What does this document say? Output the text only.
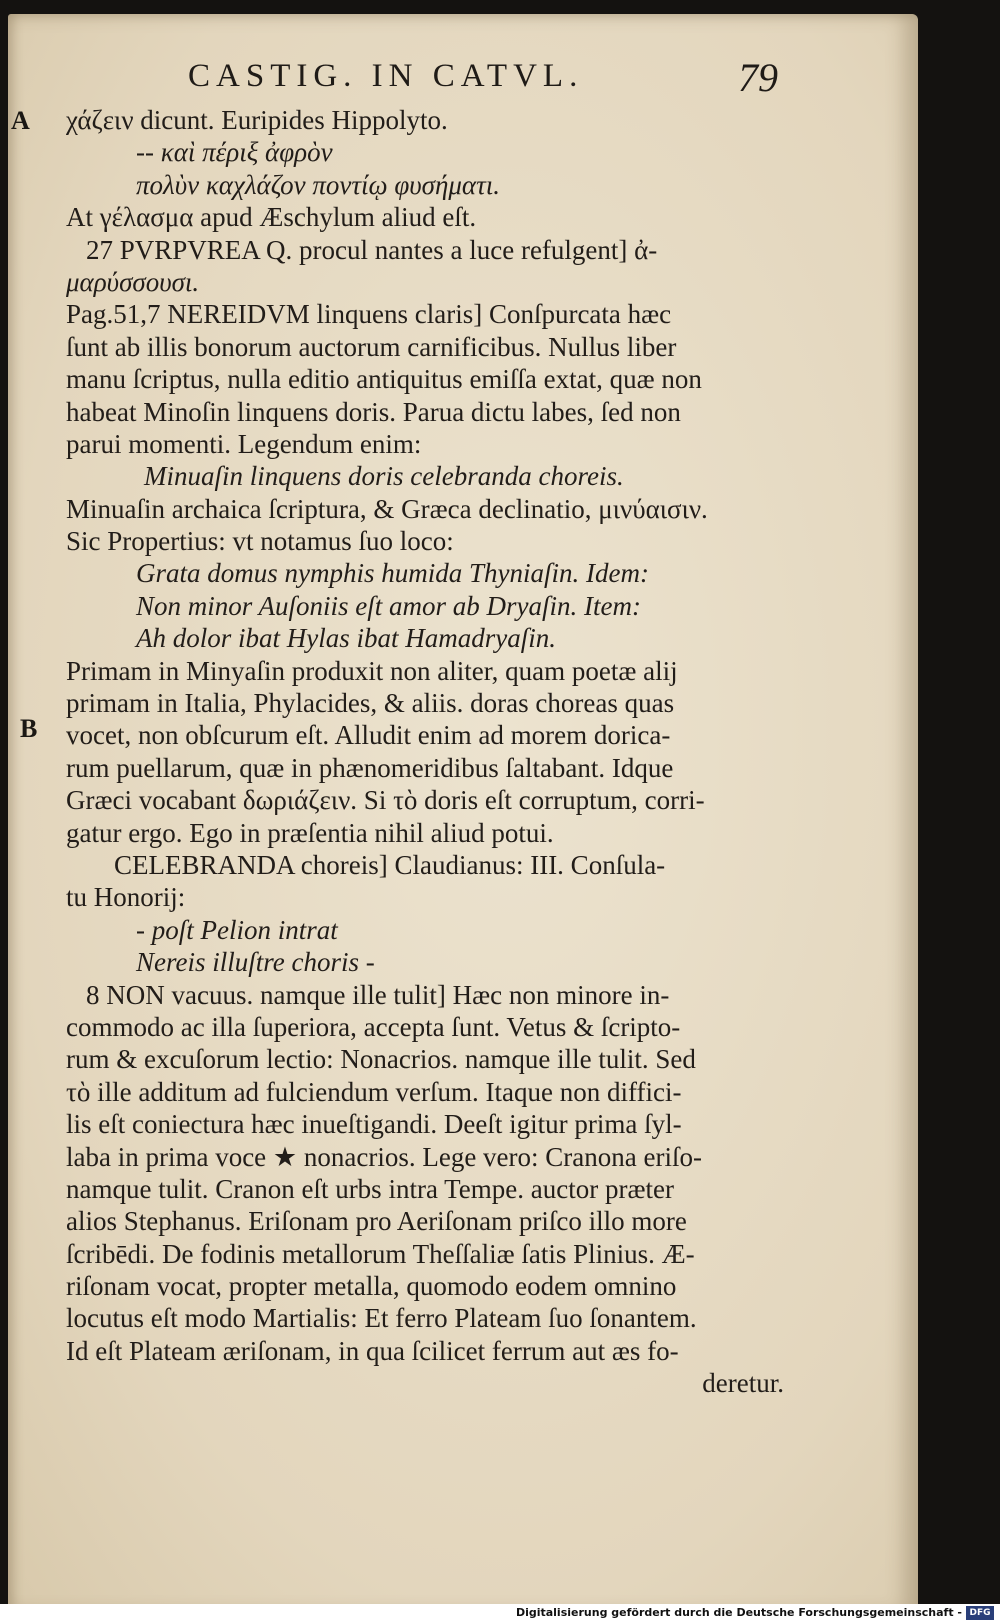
CASTIG. IN CATVL.	79
A
B
χάζειν dicunt. Euripides Hippolyto.
-- καὶ πέριξ ἀφρὸν
πολὺν καχλάζον ποντίῳ φυσήματι.
At γέλασμα apud Æschylum aliud eſt.
27 PVRPVREA Q. procul nantes a luce refulgent] ἀ-
μαρύσσουσι.
Pag.51,7 NEREIDVM linquens claris] Conſpurcata hæc
ſunt ab illis bonorum auctorum carnificibus. Nullus liber
manu ſcriptus, nulla editio antiquitus emiſſa extat, quæ non
habeat Minoſin linquens doris. Parua dictu labes, ſed non
parui momenti. Legendum enim:
Minuaſin linquens doris celebranda choreis.
Minuaſin archaica ſcriptura, & Græca declinatio, μινύαισιν.
Sic Propertius: vt notamus ſuo loco:
Grata domus nymphis humida Thyniaſin. Idem:
Non minor Auſoniis eſt amor ab Dryaſin. Item:
Ah dolor ibat Hylas ibat Hamadryaſin.
Primam in Minyaſin produxit non aliter, quam poetæ alij
primam in Italia, Phylacides, & aliis. doras choreas quas
vocet, non obſcurum eſt. Alludit enim ad morem dorica-
rum puellarum, quæ in phænomeridibus ſaltabant. Idque
Græci vocabant δωριάζειν. Si τὸ doris eſt corruptum, corri-
gatur ergo. Ego in præſentia nihil aliud potui.
CELEBRANDA choreis] Claudianus: III. Conſula-
tu Honorij:
- poſt Pelion intrat
Nereis illuſtre choris -
8 NON vacuus. namque ille tulit] Hæc non minore in-
commodo ac illa ſuperiora, accepta ſunt. Vetus & ſcripto-
rum & excuſorum lectio: Nonacrios. namque ille tulit. Sed
τὸ ille additum ad fulciendum verſum. Itaque non diffici-
lis eſt coniectura hæc inueſtigandi. Deeſt igitur prima ſyl-
laba in prima voce ★ nonacrios. Lege vero: Cranona eriſo-
namque tulit. Cranon eſt urbs intra Tempe. auctor præter
alios Stephanus. Eriſonam pro Aeriſonam priſco illo more
ſcribēdi. De fodinis metallorum Theſſaliæ ſatis Plinius. Æ-
riſonam vocat, propter metalla, quomodo eodem omnino
locutus eſt modo Martialis: Et ferro Plateam ſuo ſonantem.
Id eſt Plateam æriſonam, in qua ſcilicet ferrum aut æs fo-
deretur.
Digitalisierung gefördert durch die Deutsche Forschungsgemeinschaft - DFG
